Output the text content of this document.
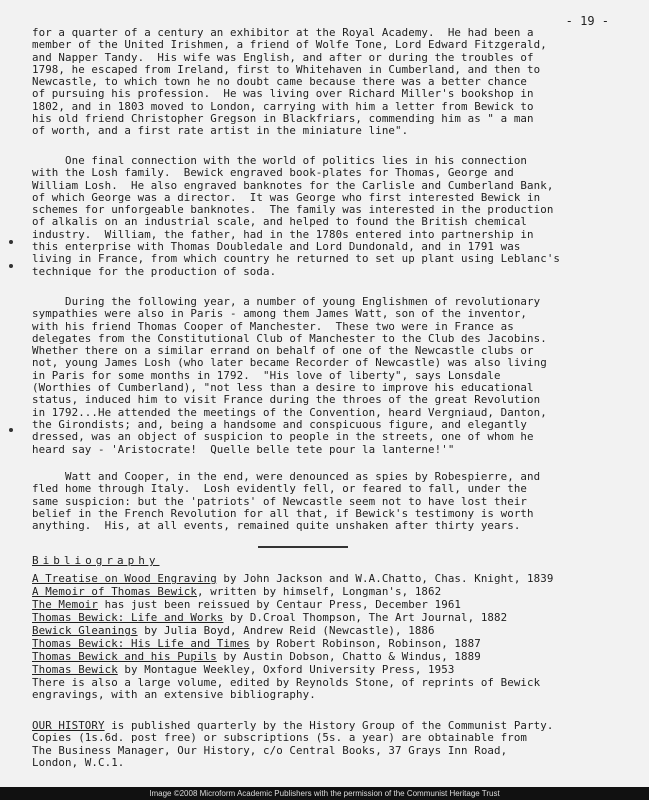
- 19 -

for a quarter of a century an exhibitor at the Royal Academy.  He had been a
member of the United Irishmen, a friend of Wolfe Tone, Lord Edward Fitzgerald,
and Napper Tandy.  His wife was English, and after or during the troubles of
1798, he escaped from Ireland, first to Whitehaven in Cumberland, and then to
Newcastle, to which town he no doubt came because there was a better chance
of pursuing his profession.  He was living over Richard Miller's bookshop in
1802, and in 1803 moved to London, carrying with him a letter from Bewick to
his old friend Christopher Gregson in Blackfriars, commending him as " a man
of worth, and a first rate artist in the miniature line".

One final connection with the world of politics lies in his connection
with the Losh family.  Bewick engraved book-plates for Thomas, George and
William Losh.  He also engraved banknotes for the Carlisle and Cumberland Bank,
of which George was a director.  It was George who first interested Bewick in
schemes for unforgeable banknotes.  The family was interested in the production
of alkalis on an industrial scale, and helped to found the British chemical
industry.  William, the father, had in the 1780s entered into partnership in
this enterprise with Thomas Doubledale and Lord Dundonald, and in 1791 was
living in France, from which country he returned to set up plant using Leblanc's
technique for the production of soda.

During the following year, a number of young Englishmen of revolutionary
sympathies were also in Paris - among them James Watt, son of the inventor,
with his friend Thomas Cooper of Manchester.  These two were in France as
delegates from the Constitutional Club of Manchester to the Club des Jacobins.
Whether there on a similar errand on behalf of one of the Newcastle clubs or
not, young James Losh (who later became Recorder of Newcastle) was also living
in Paris for some months in 1792.  "His love of liberty", says Lonsdale
(Worthies of Cumberland), "not less than a desire to improve his educational
status, induced him to visit France during the throes of the great Revolution
in 1792...He attended the meetings of the Convention, heard Vergniaud, Danton,
the Girondists; and, being a handsome and conspicuous figure, and elegantly
dressed, was an object of suspicion to people in the streets, one of whom he
heard say - 'Aristocrate!  Quelle belle tete pour la lanterne!'"

Watt and Cooper, in the end, were denounced as spies by Robespierre, and
fled home through Italy.  Losh evidently fell, or feared to fall, under the
same suspicion: but the 'patriots' of Newcastle seem not to have lost their
belief in the French Revolution for all that, if Bewick's testimony is worth
anything.  His, at all events, remained quite unshaken after thirty years.

Bibliography

A Treatise on Wood Engraving by John Jackson and W.A.Chatto, Chas. Knight, 1839

A Memoir of Thomas Bewick, written by himself, Longman's, 1862

The Memoir has just been reissued by Centaur Press, December 1961

Thomas Bewick: Life and Works by D.Croal Thompson, The Art Journal, 1882

Bewick Gleanings by Julia Boyd, Andrew Reid (Newcastle), 1886

Thomas Bewick: His Life and Times by Robert Robinson, Robinson, 1887

Thomas Bewick and his Pupils by Austin Dobson, Chatto & Windus, 1889

Thomas Bewick by Montague Weekley, Oxford University Press, 1953

There is also a large volume, edited by Reynolds Stone, of reprints of Bewick
engravings, with an extensive bibliography.

OUR HISTORY is published quarterly by the History Group of the Communist Party.
Copies (1s.6d. post free) or subscriptions (5s. a year) are obtainable from
The Business Manager, Our History, c/o Central Books, 37 Grays Inn Road,
London, W.C.1.

Image ©2008 Microform Academic Publishers with the permission of the Communist Heritage Trust
